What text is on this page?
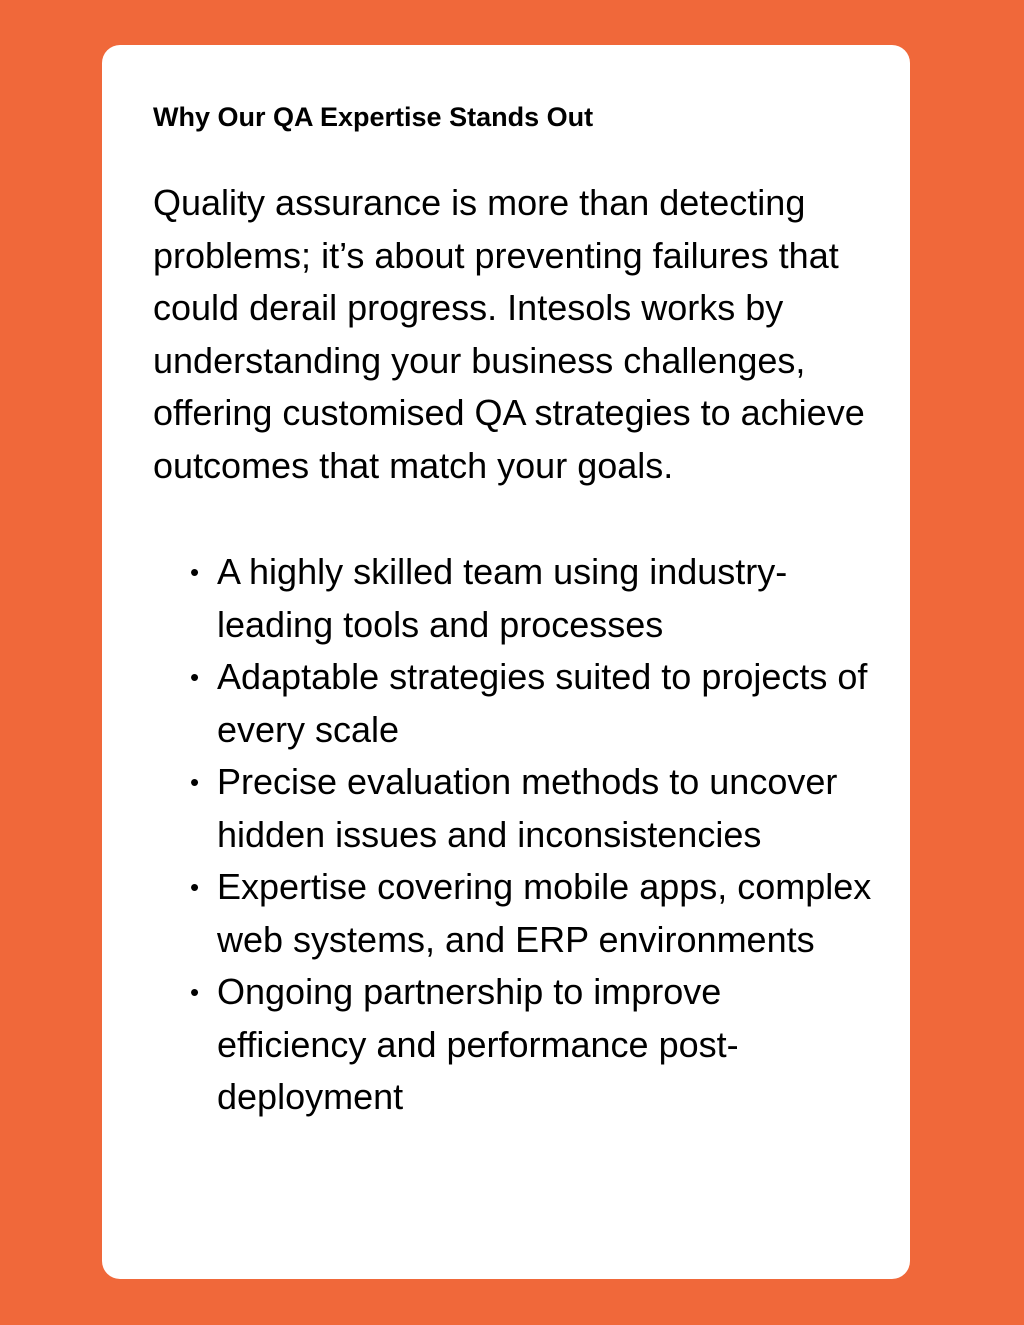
Why Our QA Expertise Stands Out

Quality assurance is more than detecting problems; it’s about preventing failures that could derail progress. Intesols works by understanding your business challenges, offering customised QA strategies to achieve outcomes that match your goals.

• A highly skilled team using industry-leading tools and processes
• Adaptable strategies suited to projects of every scale
• Precise evaluation methods to uncover hidden issues and inconsistencies
• Expertise covering mobile apps, complex web systems, and ERP environments
• Ongoing partnership to improve efficiency and performance post-deployment
